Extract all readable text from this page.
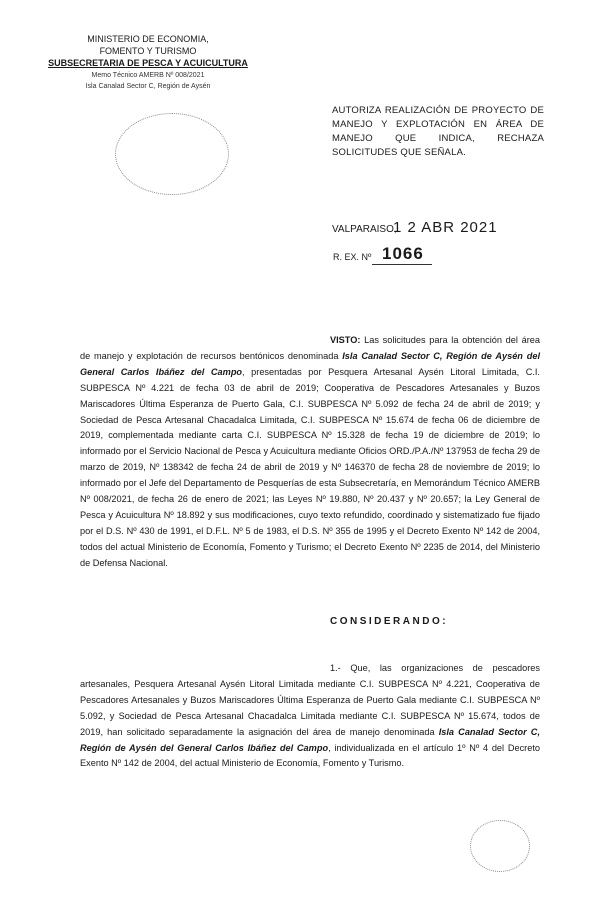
MINISTERIO DE ECONOMIA,
FOMENTO Y TURISMO
SUBSECRETARIA DE PESCA Y ACUICULTURA
Memo Técnico AMERB Nº 008/2021
Isla Canalad Sector C, Región de Aysén
AUTORIZA REALIZACIÓN DE PROYECTO DE MANEJO Y EXPLOTACIÓN EN ÁREA DE MANEJO QUE INDICA, RECHAZA SOLICITUDES QUE SEÑALA.
VALPARAISO,
1 2 ABR 2021
R. EX. Nº 1066
VISTO: Las solicitudes para la obtención del área de manejo y explotación de recursos bentónicos denominada Isla Canalad Sector C, Región de Aysén del General Carlos Ibáñez del Campo, presentadas por Pesquera Artesanal Aysén Litoral Limitada, C.I. SUBPESCA Nº 4.221 de fecha 03 de abril de 2019; Cooperativa de Pescadores Artesanales y Buzos Mariscadores Última Esperanza de Puerto Gala, C.I. SUBPESCA Nº 5.092 de fecha 24 de abril de 2019; y Sociedad de Pesca Artesanal Chacadalca Limitada, C.I. SUBPESCA Nº 15.674 de fecha 06 de diciembre de 2019, complementada mediante carta C.I. SUBPESCA Nº 15.328 de fecha 19 de diciembre de 2019; lo informado por el Servicio Nacional de Pesca y Acuicultura mediante Oficios ORD./P.A./Nº 137953 de fecha 29 de marzo de 2019, Nº 138342 de fecha 24 de abril de 2019 y Nº 146370 de fecha 28 de noviembre de 2019; lo informado por el Jefe del Departamento de Pesquerías de esta Subsecretaría, en Memorándum Técnico AMERB Nº 008/2021, de fecha 26 de enero de 2021; las Leyes Nº 19.880, Nº 20.437 y Nº 20.657; la Ley General de Pesca y Acuicultura Nº 18.892 y sus modificaciones, cuyo texto refundido, coordinado y sistematizado fue fijado por el D.S. Nº 430 de 1991, el D.F.L. Nº 5 de 1983, el D.S. Nº 355 de 1995 y el Decreto Exento Nº 142 de 2004, todos del actual Ministerio de Economía, Fomento y Turismo; el Decreto Exento Nº 2235 de 2014, del Ministerio de Defensa Nacional.
CONSIDERANDO:
1.- Que, las organizaciones de pescadores artesanales, Pesquera Artesanal Aysén Litoral Limitada mediante C.I. SUBPESCA Nº 4.221, Cooperativa de Pescadores Artesanales y Buzos Mariscadores Última Esperanza de Puerto Gala mediante C.I. SUBPESCA Nº 5.092, y Sociedad de Pesca Artesanal Chacadalca Limitada mediante C.I. SUBPESCA Nº 15.674, todos de 2019, han solicitado separadamente la asignación del área de manejo denominada Isla Canalad Sector C, Región de Aysén del General Carlos Ibáñez del Campo, individualizada en el artículo 1º Nº 4 del Decreto Exento Nº 142 de 2004, del actual Ministerio de Economía, Fomento y Turismo.
